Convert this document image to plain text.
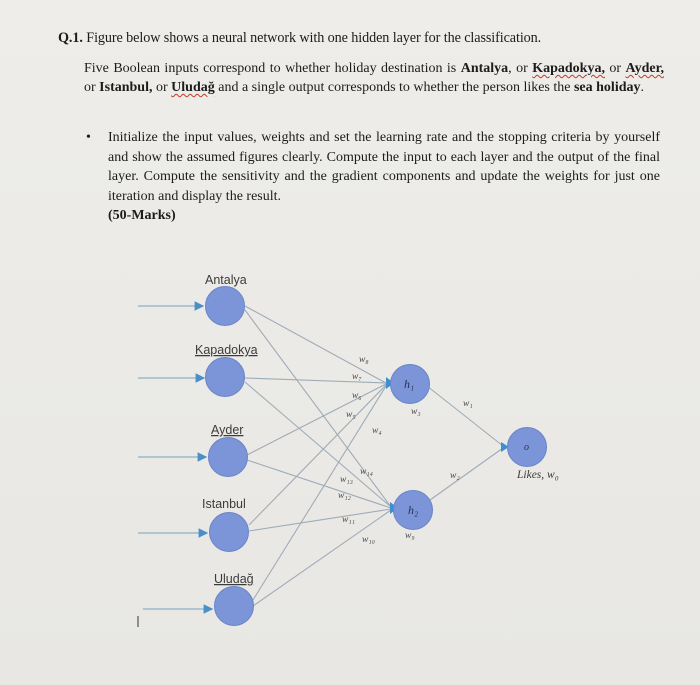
Q.1. Figure below shows a neural network with one hidden layer for the classification.
Five Boolean inputs correspond to whether holiday destination is Antalya, or Kapadokya, or Ayder, or Istanbul, or Uludağ and a single output corresponds to whether the person likes the sea holiday.
•	Initialize the input values, weights and set the learning rate and the stopping criteria by yourself and show the assumed figures clearly. Compute the input to each layer and the output of the final layer. Compute the sensitivity and the gradient components and update the weights for just one iteration and display the result.
(50-Marks)
Antalya
Kapadokya
Ayder
Istanbul
Uludağ
h₁
w₃
h₂
w₉
o
Likes, w₀
w₈
w₇
w₆
w₅
w₄
w₁₄
w₁₃
w₁₂
w₁₁
w₁₀
w₁
w₂
